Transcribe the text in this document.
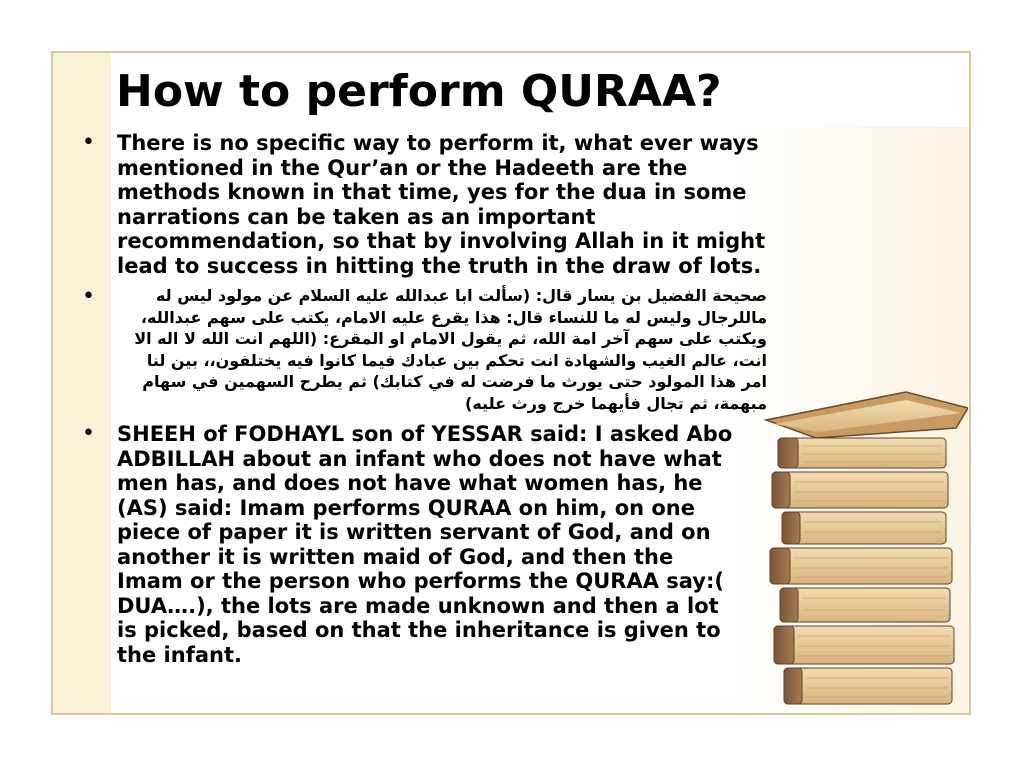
How to perform QURAA?
• There is no specific way to perform it, what ever ways mentioned in the Qur’an or the Hadeeth are the methods known in that time, yes for the dua in some narrations can be taken as an important recommendation, so that by involving Allah in it might lead to success in hitting the truth in the draw of lots.
•	صحيحة الفضيل بن يسار قال: (سألت ابا عبدالله عليه السلام عن مولود ليس له ماللرجال وليس له ما للنساء قال: هذا يقرع عليه الامام، يكتب على سهم عبدالله، ويكتب على سهم آخر امة الله، ثم يقول الامام او المقرع: (اللهم انت الله لا اله الا انت، عالم الغيب والشهادة انت تحكم بين عبادك فيما كانوا فيه يختلفون،، بين لنا امر هذا المولود حتى يورث ما فرضت له في كتابك) ثم يطرح السهمين في سهام مبهمة، ثم تجال فأيهما خرج ورث عليه)
• SHEEH of FODHAYL son of YESSAR said: I asked Abo ADBILLAH about an infant who does not have what men has, and does not have what women has, he (AS) said: Imam performs QURAA on him, on one piece of paper it is written servant of God, and on another it is written maid of God, and then the Imam or the person who performs the QURAA say:( DUA….), the lots are made unknown and then a lot is picked, based on that the inheritance is given to the infant.
